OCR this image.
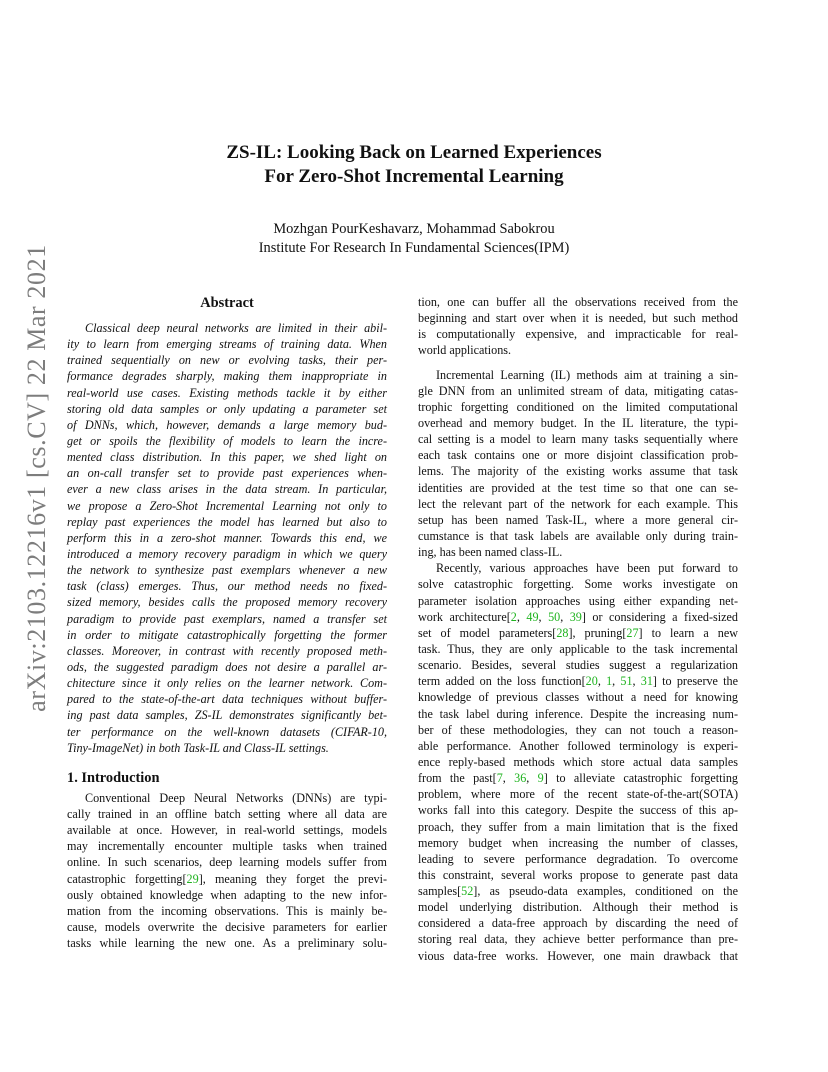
ZS-IL: Looking Back on Learned Experiences
For Zero-Shot Incremental Learning
Mozhgan PourKeshavarz, Mohammad Sabokrou
Institute For Research In Fundamental Sciences(IPM)
arXiv:2103.12216v1 [cs.CV] 22 Mar 2021	Abstract
Classical deep neural networks are limited in their abil-
ity to learn from emerging streams of training data. When
trained sequentially on new or evolving tasks, their per-
formance degrades sharply, making them inappropriate in
real-world use cases. Existing methods tackle it by either
storing old data samples or only updating a parameter set
of DNNs, which, however, demands a large memory bud-
get or spoils the flexibility of models to learn the incre-
mented class distribution. In this paper, we shed light on
an on-call transfer set to provide past experiences when-
ever a new class arises in the data stream. In particular,
we propose a Zero-Shot Incremental Learning not only to
replay past experiences the model has learned but also to
perform this in a zero-shot manner. Towards this end, we
introduced a memory recovery paradigm in which we query
the network to synthesize past exemplars whenever a new
task (class) emerges. Thus, our method needs no fixed-
sized memory, besides calls the proposed memory recovery
paradigm to provide past exemplars, named a transfer set
in order to mitigate catastrophically forgetting the former
classes. Moreover, in contrast with recently proposed meth-
ods, the suggested paradigm does not desire a parallel ar-
chitecture since it only relies on the learner network. Com-
pared to the state-of-the-art data techniques without buffer-
ing past data samples, ZS-IL demonstrates significantly bet-
ter performance on the well-known datasets (CIFAR-10,
Tiny-ImageNet) in both Task-IL and Class-IL settings.
1. Introduction
Conventional Deep Neural Networks (DNNs) are typi-
cally trained in an offline batch setting where all data are
available at once. However, in real-world settings, models
may incrementally encounter multiple tasks when trained
online. In such scenarios, deep learning models suffer from
catastrophic forgetting[29], meaning they forget the previ-
ously obtained knowledge when adapting to the new infor-
mation from the incoming observations. This is mainly be-
cause, models overwrite the decisive parameters for earlier
tasks while learning the new one. As a preliminary solu-
tion, one can buffer all the observations received from the
beginning and start over when it is needed, but such method
is computationally expensive, and impracticable for real-
world applications.
Incremental Learning (IL) methods aim at training a sin-
gle DNN from an unlimited stream of data, mitigating catas-
trophic forgetting conditioned on the limited computational
overhead and memory budget. In the IL literature, the typi-
cal setting is a model to learn many tasks sequentially where
each task contains one or more disjoint classification prob-
lems. The majority of the existing works assume that task
identities are provided at the test time so that one can se-
lect the relevant part of the network for each example. This
setup has been named Task-IL, where a more general cir-
cumstance is that task labels are available only during train-
ing, has been named class-IL.
Recently, various approaches have been put forward to
solve catastrophic forgetting. Some works investigate on
parameter isolation approaches using either expanding net-
work architecture[2, 49, 50, 39] or considering a fixed-sized
set of model parameters[28], pruning[27] to learn a new
task. Thus, they are only applicable to the task incremental
scenario. Besides, several studies suggest a regularization
term added on the loss function[20, 1, 51, 31] to preserve the
knowledge of previous classes without a need for knowing
the task label during inference. Despite the increasing num-
ber of these methodologies, they can not touch a reason-
able performance. Another followed terminology is experi-
ence reply-based methods which store actual data samples
from the past[7, 36, 9] to alleviate catastrophic forgetting
problem, where more of the recent state-of-the-art(SOTA)
works fall into this category. Despite the success of this ap-
proach, they suffer from a main limitation that is the fixed
memory budget when increasing the number of classes,
leading to severe performance degradation. To overcome
this constraint, several works propose to generate past data
samples[52], as pseudo-data examples, conditioned on the
model underlying distribution. Although their method is
considered a data-free approach by discarding the need of
storing real data, they achieve better performance than pre-
vious data-free works. However, one main drawback that
